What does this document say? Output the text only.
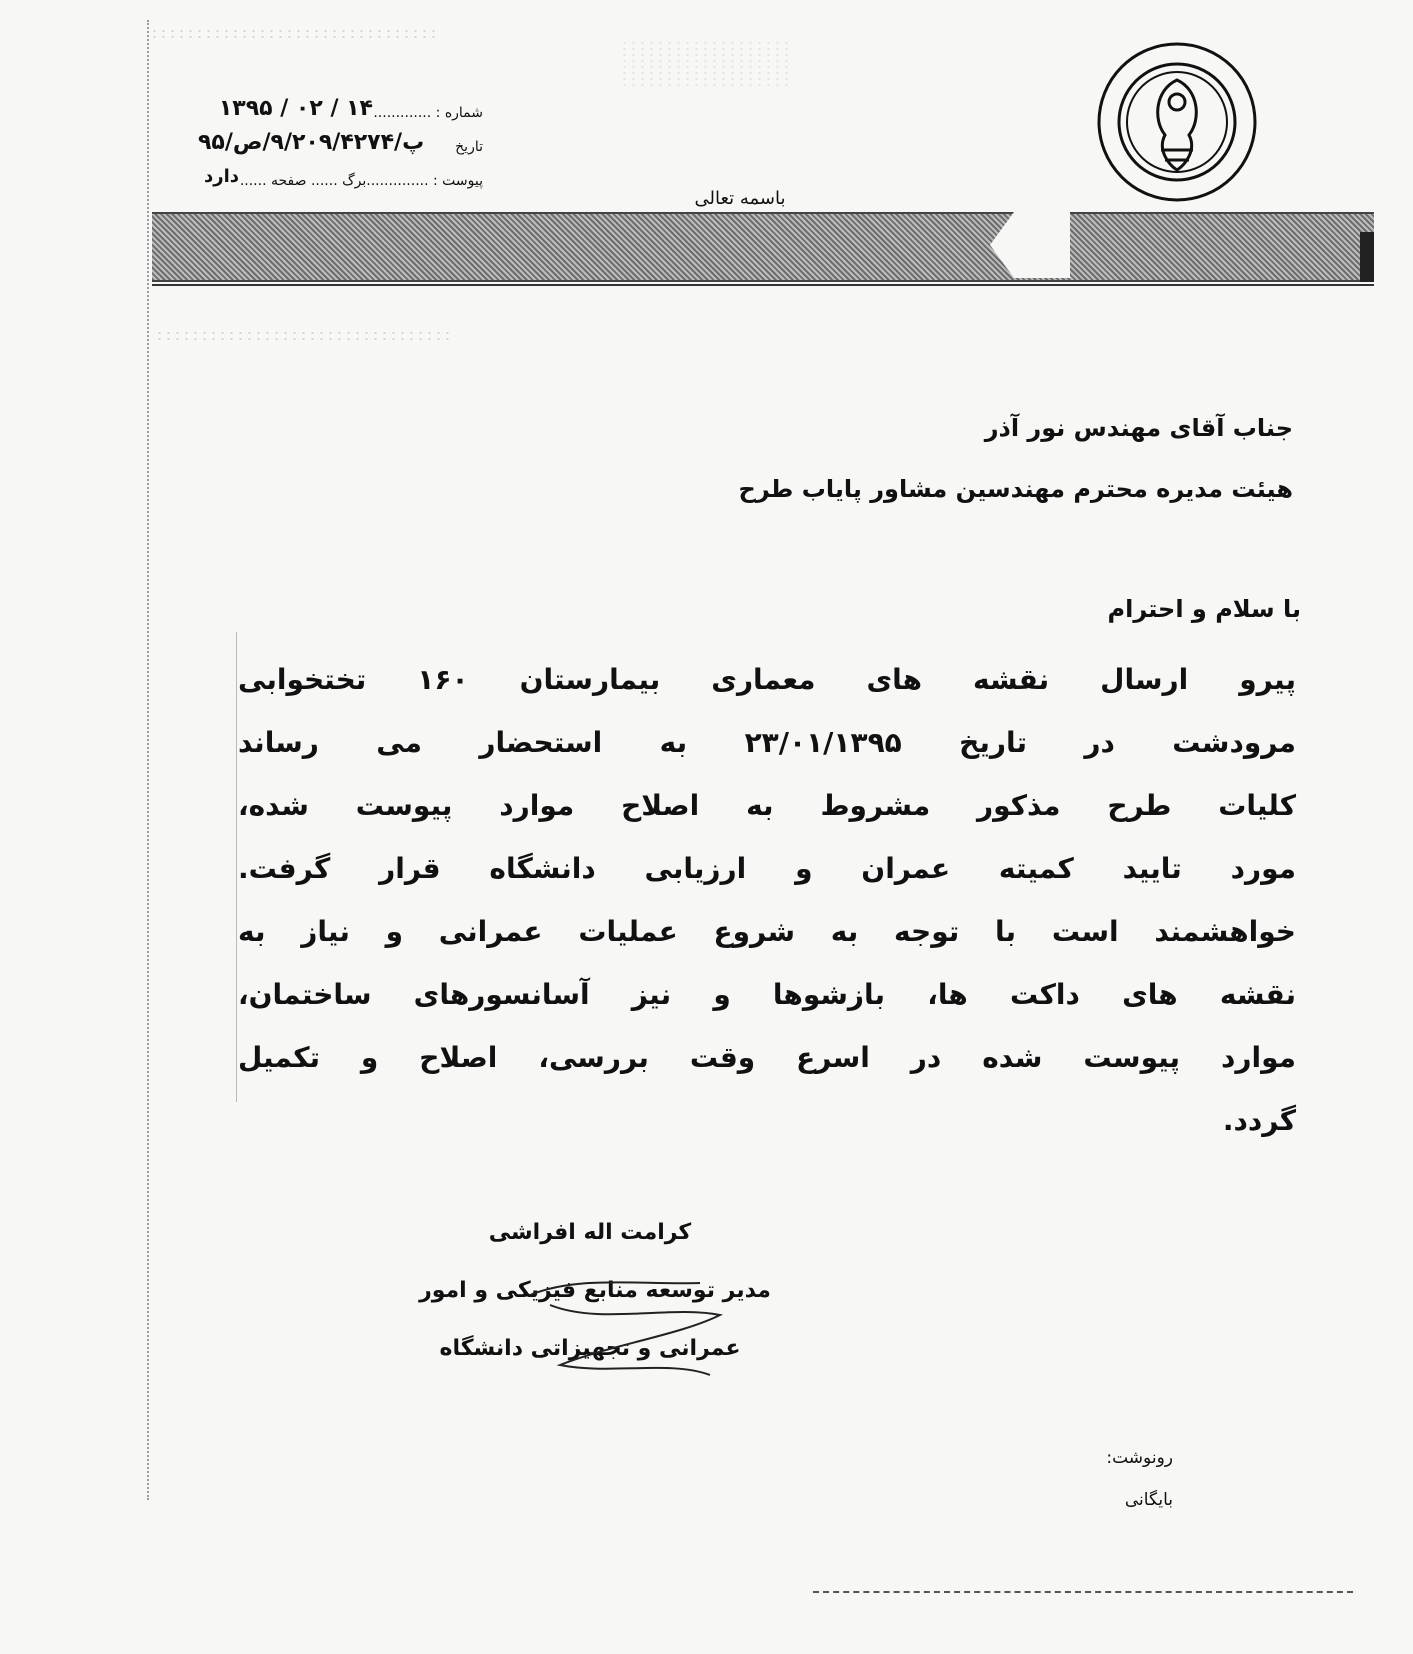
شماره : .............
تاریخ
پیوست : ..............برگ ...... صفحه ......
۱۳۹۵ / ۰۲ / ۱۴
۹۵/پ/۹/۲۰۹/۴۲۷۴/ص
دارد
باسمه تعالی
جناب آقای مهندس نور آذر
هیئت مدیره محترم مهندسین مشاور پایاب طرح
با سلام و احترام
پیرو ارسال نقشه های معماری بیمارستان ۱۶۰ تختخوابی
مرودشت در تاریخ ۲۳/۰۱/۱۳۹۵ به استحضار می رساند
کلیات طرح مذکور مشروط به اصلاح موارد پیوست شده،
مورد تایید کمیته عمران و ارزیابی دانشگاه قرار گرفت.
خواهشمند است با توجه به شروع عملیات عمرانی و نیاز به
نقشه های داکت ها، بازشوها و نیز آسانسورهای ساختمان،
موارد پیوست شده در اسرع وقت بررسی، اصلاح و تکمیل
گردد.
کرامت اله افراشی
مدیر توسعه منابع فیزیکی و امور
عمرانی و تجهیزاتی دانشگاه
رونوشت:
بایگانی
